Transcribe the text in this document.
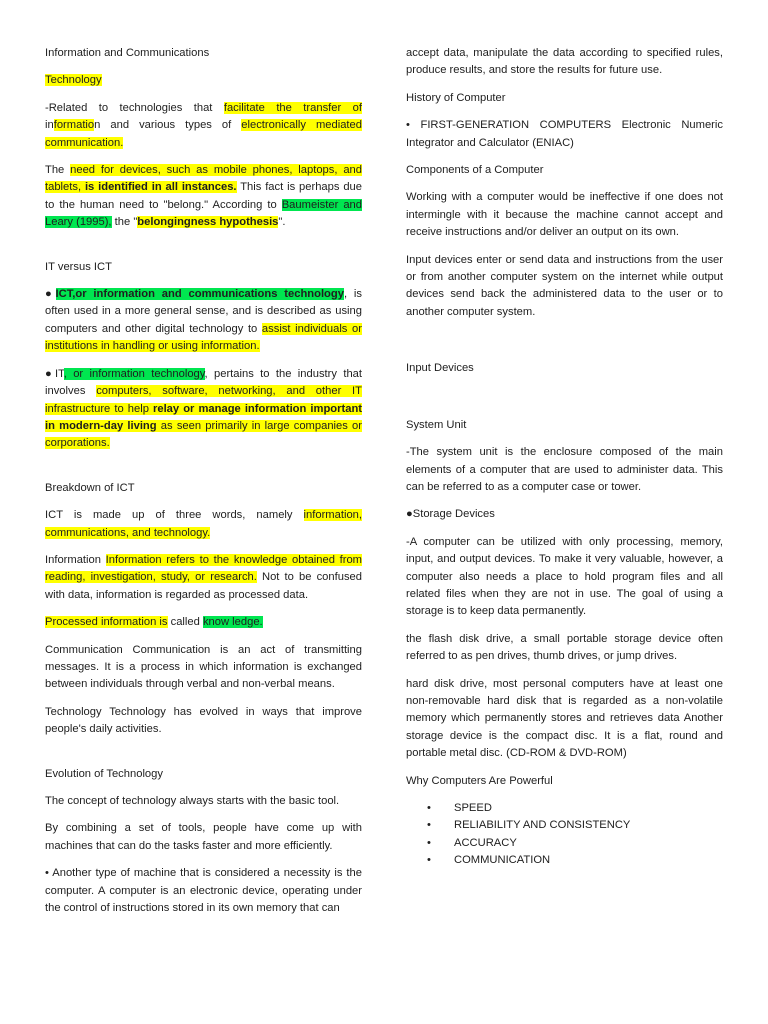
Information and Communications
Technology
-Related to technologies that facilitate the transfer of information and various types of electronically mediated communication.
The need for devices, such as mobile phones, laptops, and tablets, is identified in all instances. This fact is perhaps due to the human need to "belong." According to Baumeister and Leary (1995), the "belongingness hypothesis".
IT versus ICT
●ICT,or information and communications technology, is often used in a more general sense, and is described as using computers and other digital technology to assist individuals or institutions in handling or using information.
●IT, or information technology, pertains to the industry that involves computers, software, networking, and other IT infrastructure to help relay or manage information important in modern-day living as seen primarily in large companies or corporations.
Breakdown of ICT
ICT is made up of three words, namely information, communications, and technology.
Information Information refers to the knowledge obtained from reading, investigation, study, or research. Not to be confused with data, information is regarded as processed data.
Processed information is called know ledge.
Communication Communication is an act of transmitting messages. It is a process in which information is exchanged between individuals through verbal and non-verbal means.
Technology Technology has evolved in ways that improve people's daily activities.
Evolution of Technology
The concept of technology always starts with the basic tool.
By combining a set of tools, people have come up with machines that can do the tasks faster and more efficiently.
• Another type of machine that is considered a necessity is the computer. A computer is an electronic device, operating under the control of instructions stored in its own memory that can
accept data, manipulate the data according to specified rules, produce results, and store the results for future use.
History of Computer
• FIRST-GENERATION COMPUTERS Electronic Numeric Integrator and Calculator (ENIAC)
Components of a Computer
Working with a computer would be ineffective if one does not intermingle with it because the machine cannot accept and receive instructions and/or deliver an output on its own.
Input devices enter or send data and instructions from the user or from another computer system on the internet while output devices send back the administered data to the user or to another computer system.
Input Devices
System Unit
-The system unit is the enclosure composed of the main elements of a computer that are used to administer data. This can be referred to as a computer case or tower.
●Storage Devices
-A computer can be utilized with only processing, memory, input, and output devices. To make it very valuable, however, a computer also needs a place to hold program files and all related files when they are not in use. The goal of using a storage is to keep data permanently.
the flash disk drive, a small portable storage device often referred to as pen drives, thumb drives, or jump drives.
hard disk drive, most personal computers have at least one non-removable hard disk that is regarded as a non-volatile memory which permanently stores and retrieves data Another storage device is the compact disc. It is a flat, round and portable metal disc. (CD-ROM & DVD-ROM)
Why Computers Are Powerful
• SPEED
• RELIABILITY AND CONSISTENCY
• ACCURACY
• COMMUNICATION
